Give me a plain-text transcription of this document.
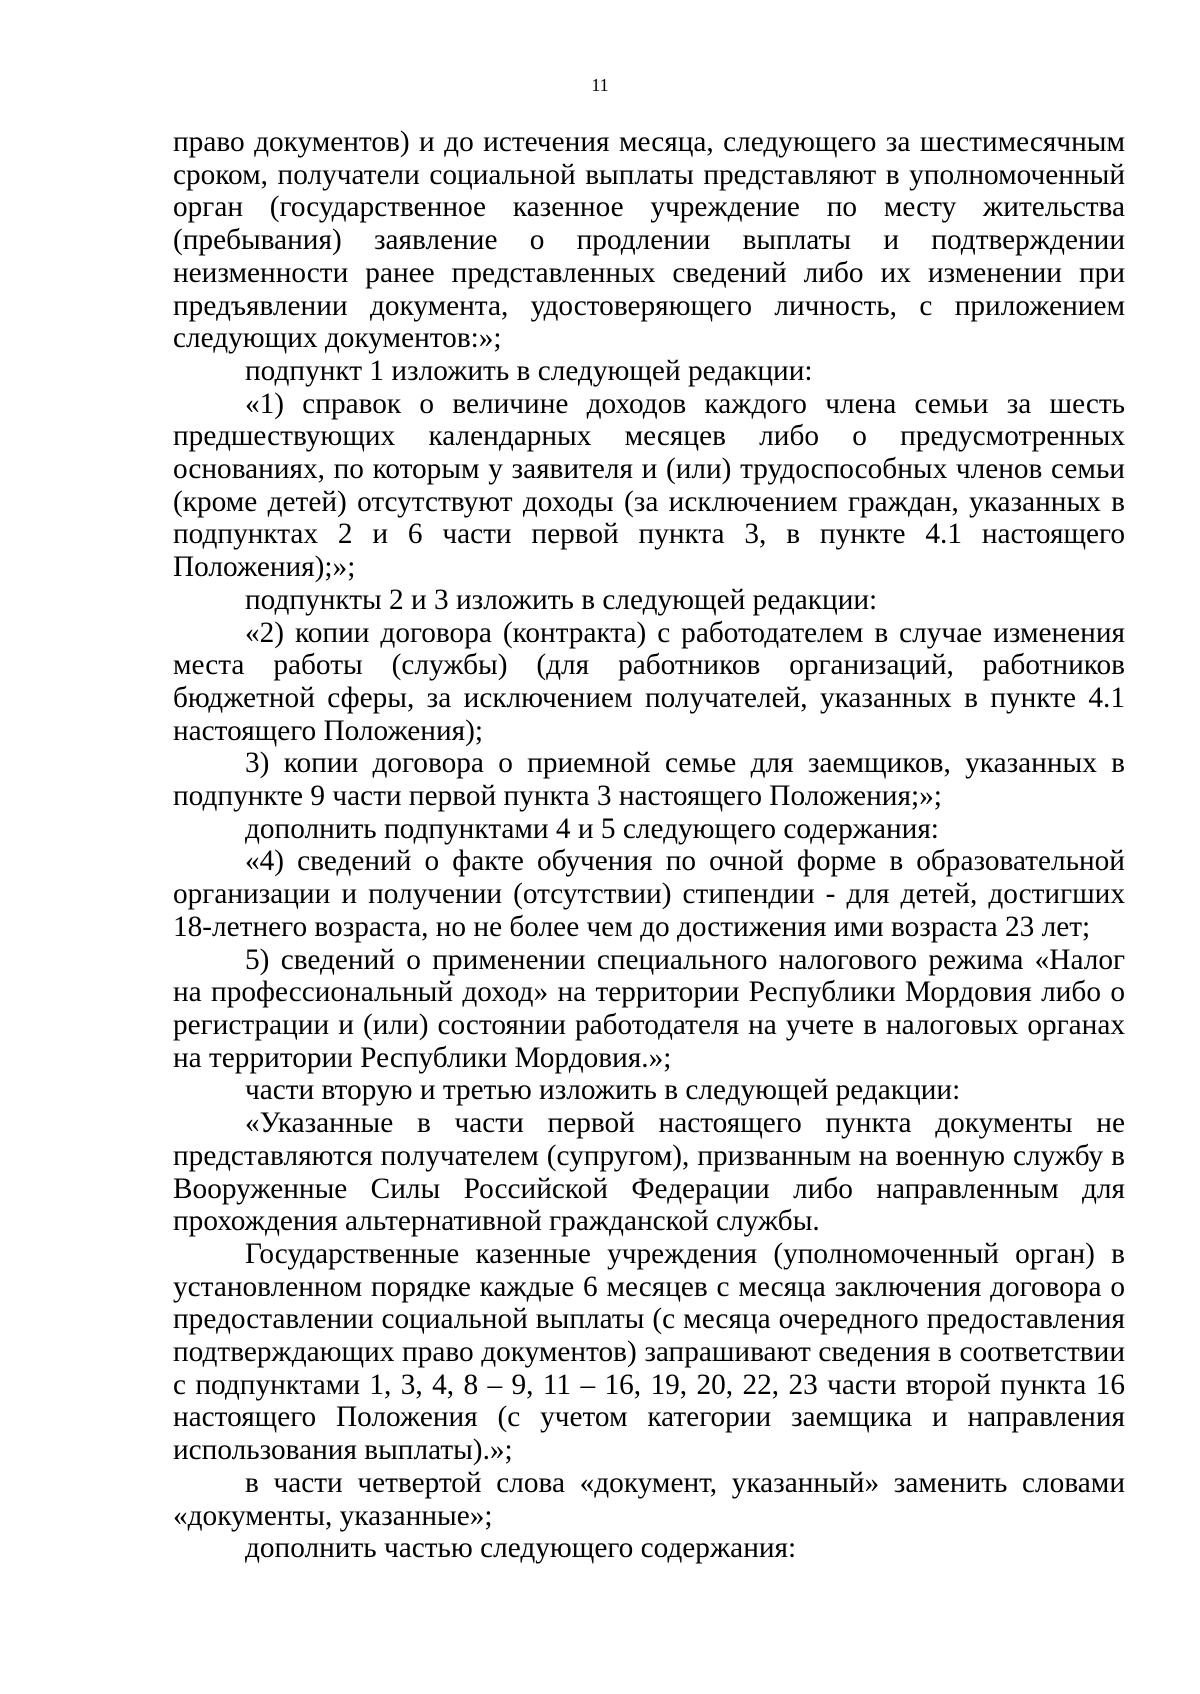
11

право документов) и до истечения месяца, следующего за шестимесячным сроком, получатели социальной выплаты представляют в уполномоченный орган (государственное казенное учреждение по месту жительства (пребывания) заявление о продлении выплаты и подтверждении неизменности ранее представленных сведений либо их изменении при предъявлении документа, удостоверяющего личность, с приложением следующих документов:»;

подпункт 1 изложить в следующей редакции:

«1) справок о величине доходов каждого члена семьи за шесть предшествующих календарных месяцев либо о предусмотренных основаниях, по которым у заявителя и (или) трудоспособных членов семьи (кроме детей) отсутствуют доходы (за исключением граждан, указанных в подпунктах 2 и 6 части первой пункта 3, в пункте 4.1 настоящего Положения);»;

подпункты 2 и 3 изложить в следующей редакции:

«2) копии договора (контракта) с работодателем в случае изменения места работы (службы) (для работников организаций, работников бюджетной сферы, за исключением получателей, указанных в пункте 4.1 настоящего Положения);

3) копии договора о приемной семье для заемщиков, указанных в подпункте 9 части первой пункта 3 настоящего Положения;»;

дополнить подпунктами 4 и 5 следующего содержания:

«4) сведений о факте обучения по очной форме в образовательной организации и получении (отсутствии) стипендии - для детей, достигших 18-летнего возраста, но не более чем до достижения ими возраста 23 лет;

5) сведений о применении специального налогового режима «Налог на профессиональный доход» на территории Республики Мордовия либо о регистрации и (или) состоянии работодателя на учете в налоговых органах на территории Республики Мордовия.»;

части вторую и третью изложить в следующей редакции:

«Указанные в части первой настоящего пункта документы не представляются получателем (супругом), призванным на военную службу в Вооруженные Силы Российской Федерации либо направленным для прохождения альтернативной гражданской службы.

Государственные казенные учреждения (уполномоченный орган) в установленном порядке каждые 6 месяцев с месяца заключения договора о предоставлении социальной выплаты (с месяца очередного предоставления подтверждающих право документов) запрашивают сведения в соответствии с подпунктами 1, 3, 4, 8 – 9, 11 – 16, 19, 20, 22, 23 части второй пункта 16 настоящего Положения (с учетом категории заемщика и направления использования выплаты).»;

в части четвертой слова «документ, указанный» заменить словами «документы, указанные»;

дополнить частью следующего содержания:
